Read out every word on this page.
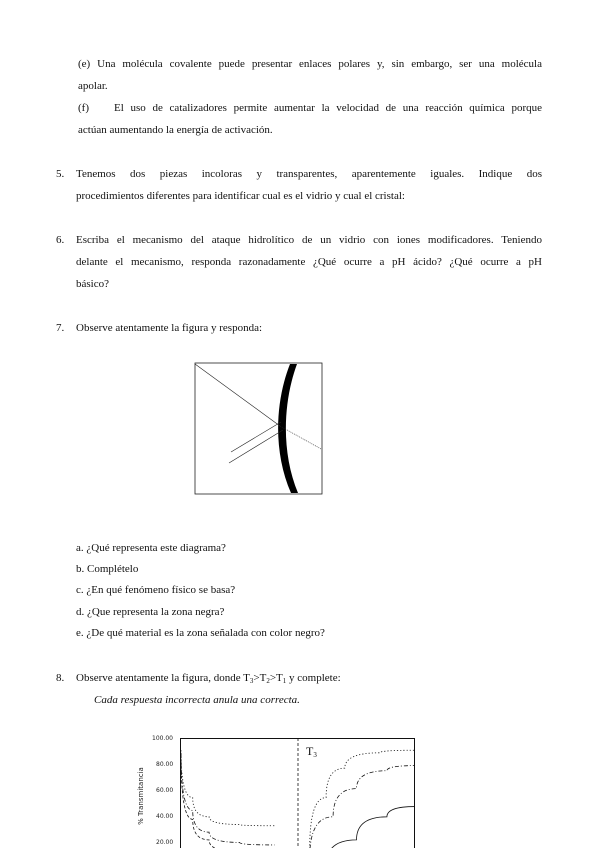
(e) Una molécula covalente puede presentar enlaces polares y, sin embargo, ser una molécula
apolar.
(f) El uso de catalizadores permite aumentar la velocidad de una reacción química porque
actúan aumentando la energía de activación.
5. Tenemos dos piezas incoloras y transparentes, aparentemente iguales. Indique dos
procedimientos diferentes para identificar cual es el vidrio y cual el cristal:
6. Escriba el mecanismo del ataque hidrolítico de un vidrio con iones modificadores. Teniendo
delante el mecanismo, responda razonadamente ¿Qué ocurre a pH ácido? ¿Qué ocurre a pH
básico?
7. Observe atentamente la figura y responda:
a. ¿Qué representa este diagrama?
b. Complételo
c. ¿En qué fenómeno físico se basa?
d. ¿Que representa la zona negra?
e. ¿De qué material es la zona señalada con color negro?
8. Observe atentamente la figura, donde $T_3>T_2>T_1$ y complete:
Cada respuesta incorrecta anula una correcta.
% Transmitancia
100.00
80.00
60.00
40.00
20.00
$T_3$
